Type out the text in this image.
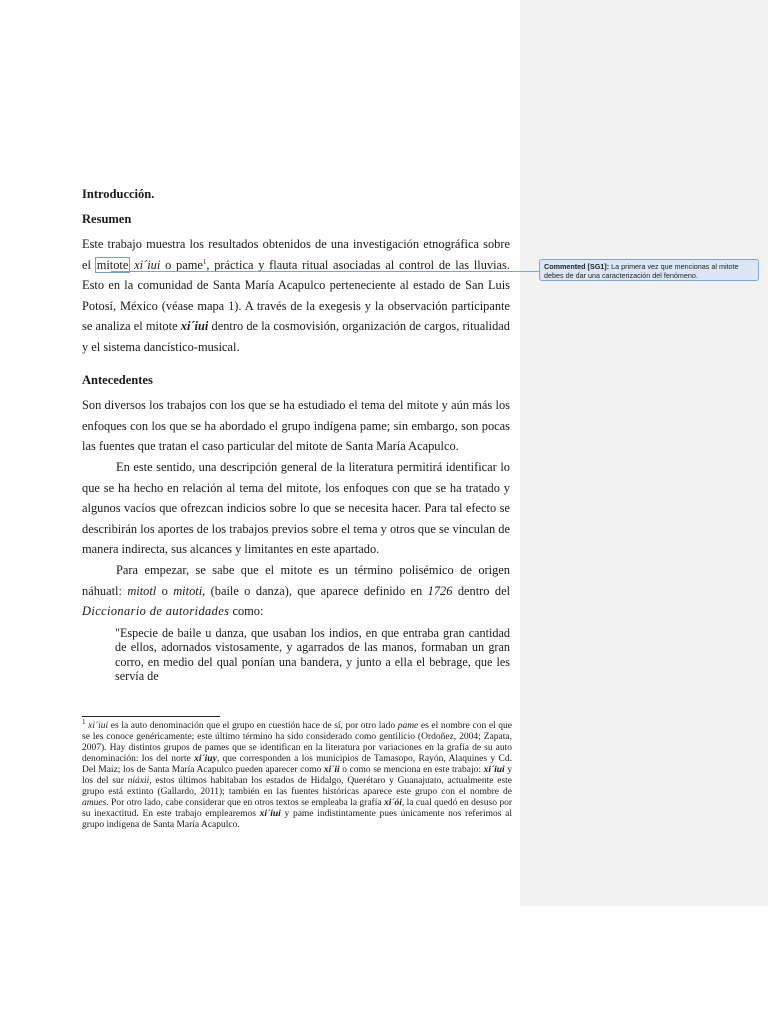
Introducción.
Resumen

Este trabajo muestra los resultados obtenidos de una investigación etnográfica sobre el mitote xi´iui o pame$^1$, práctica y flauta ritual asociadas al control de las lluvias. Esto en la comunidad de Santa María Acapulco perteneciente al estado de San Luis Potosí, México (véase mapa 1). A través de la exegesis y la observación participante se analiza el mitote xi´iui dentro de la cosmovisión, organización de cargos, ritualidad y el sistema dancístico-musical.

Antecedentes

Son diversos los trabajos con los que se ha estudiado el tema del mitote y aún más los enfoques con los que se ha abordado el grupo indígena pame; sin embargo, son pocas las fuentes que tratan el caso particular del mitote de Santa María Acapulco.

En este sentido, una descripción general de la literatura permitirá identificar lo que se ha hecho en relación al tema del mitote, los enfoques con que se ha tratado y algunos vacíos que ofrezcan indicios sobre lo que se necesita hacer. Para tal efecto se describirán los aportes de los trabajos previos sobre el tema y otros que se vinculan de manera indirecta, sus alcances y limitantes en este apartado.

Para empezar, se sabe que el mitote es un término polisémico de origen náhuatl: mitotl o mitoti, (baile o danza), que aparece definido en 1726 dentro del Diccionario de autoridades como:

"Especie de baile u danza, que usaban los indios, en que entraba gran cantidad de ellos, adornados vistosamente, y agarrados de las manos, formaban un gran corro, en medio del qual ponían una bandera, y junto a ella el bebrage, que les servía de

$^1$ xi´iui es la auto denominación que el grupo en cuestión hace de sí, por otro lado pame es el nombre con el que se les conoce genéricamente; este último término ha sido considerado como gentilicio (Ordoñez, 2004; Zapata, 2007). Hay distintos grupos de pames que se identifican en la literatura por variaciones en la grafía de su auto denominación: los del norte xi´iuy, que corresponden a los municipios de Tamasopo, Rayón, Alaquines y Cd. Del Maíz; los de Santa María Acapulco pueden aparecer como xi´ii o como se menciona en este trabajo: xi´iui y los del sur niáxii, estos últimos habitaban los estados de Hidalgo, Querétaro y Guanajuato, actualmente este grupo está extinto (Gallardo, 2011); también en las fuentes históricas aparece este grupo con el nombre de amues. Por otro lado, cabe considerar que en otros textos se empleaba la grafía xi´ói, la cual quedó en desuso por su inexactitud. En este trabajo emplearemos xi´iui y pame indistintamente pues únicamente nos referimos al grupo indígena de Santa María Acapulco.

Commented [SG1]: La primera vez que mencionas al mitote debes de dar una caracterización del fenómeno.
